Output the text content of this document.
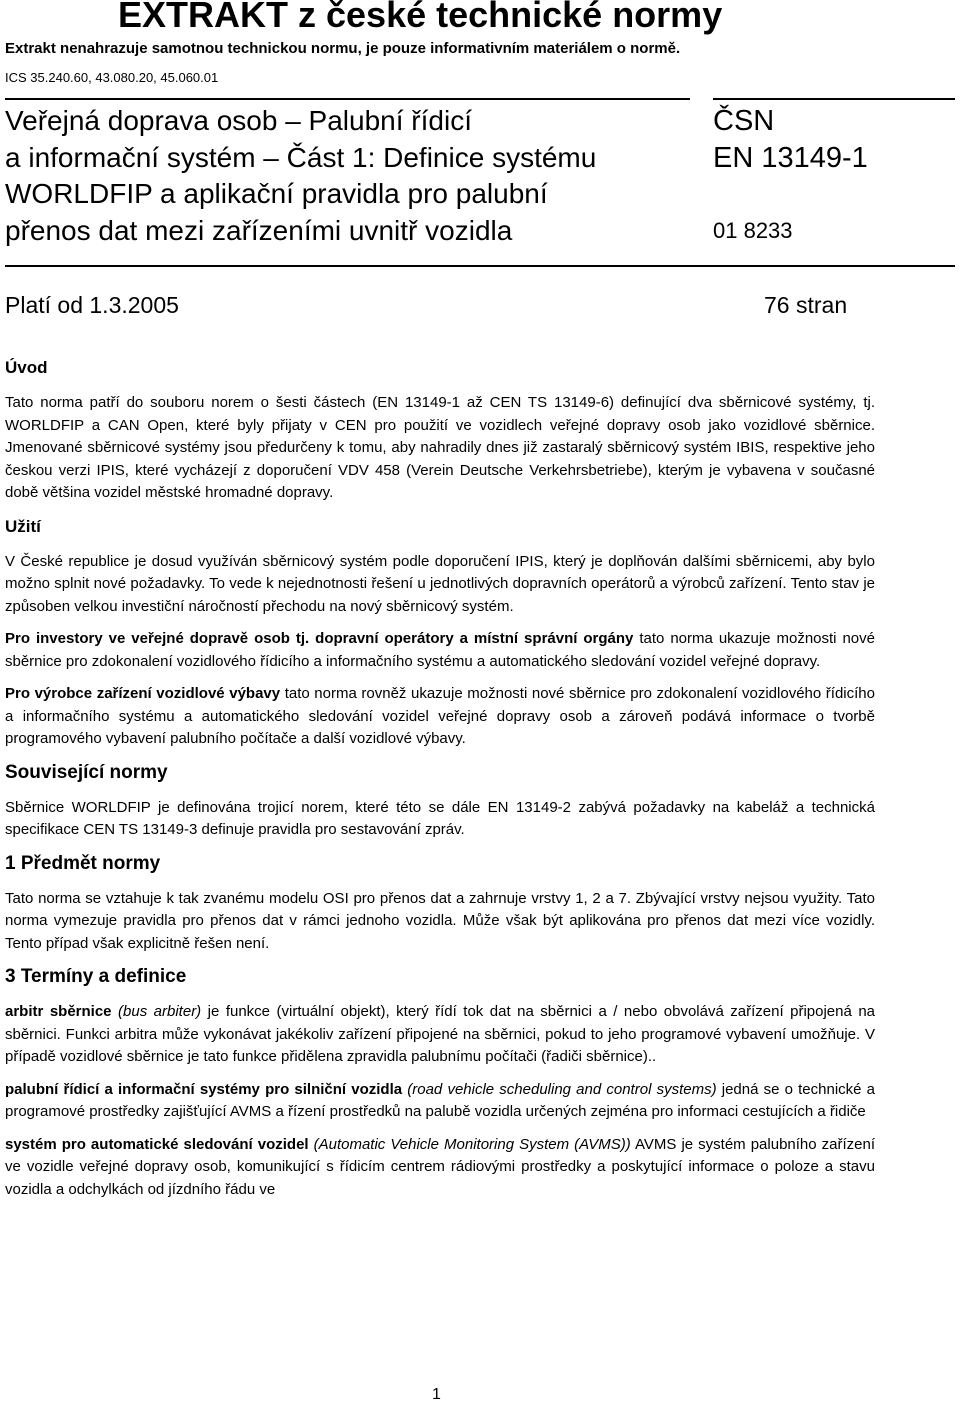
EXTRAKT z české technické normy
Extrakt nenahrazuje samotnou technickou normu, je pouze informativním materiálem o normě.
ICS 35.240.60, 43.080.20, 45.060.01
Veřejná doprava osob – Palubní řídicí
a informační systém – Část 1: Definice systému
WORLDFIP a aplikační pravidla pro palubní
přenos dat mezi zařízeními uvnitř vozidla
ČSN
EN 13149-1
01 8233
Platí od 1.3.2005	76 stran
Úvod

Tato norma patří do souboru norem o šesti částech (EN 13149-1 až CEN TS 13149-6) definující dva sběrnicové systémy, tj. WORLDFIP a CAN Open, které byly přijaty v CEN pro použití ve vozidlech veřejné dopravy osob jako vozidlové sběrnice. Jmenované sběrnicové systémy jsou předurčeny k tomu, aby nahradily dnes již zastaralý sběrnicový systém IBIS, respektive jeho českou verzi IPIS, které vycházejí z doporučení VDV 458 (Verein Deutsche Verkehrsbetriebe), kterým je vybavena v současné době většina vozidel městské hromadné dopravy.

Užití

V České republice je dosud využíván sběrnicový systém podle doporučení IPIS, který je doplňován dalšími sběrnicemi, aby bylo možno splnit nové požadavky. To vede k nejednotnosti řešení u jednotlivých dopravních operátorů a výrobců zařízení. Tento stav je způsoben velkou investiční náročností přechodu na nový sběrnicový systém.

Pro investory ve veřejné dopravě osob tj. dopravní operátory a místní správní orgány tato norma ukazuje možnosti nové sběrnice pro zdokonalení vozidlového řídicího a informačního systému a automatického sledování vozidel veřejné dopravy.

Pro výrobce zařízení vozidlové výbavy tato norma rovněž ukazuje možnosti nové sběrnice pro zdokonalení vozidlového řídicího a informačního systému a automatického sledování vozidel veřejné dopravy osob a zároveň podává informace o tvorbě programového vybavení palubního počítače a další vozidlové výbavy.

Související normy

Sběrnice WORLDFIP je definována trojicí norem, které této se dále EN 13149-2 zabývá požadavky na kabeláž a technická specifikace CEN TS 13149-3 definuje pravidla pro sestavování zpráv.

1 Předmět normy

Tato norma se vztahuje k tak zvanému modelu OSI pro přenos dat a zahrnuje vrstvy 1, 2 a 7. Zbývající vrstvy nejsou využity. Tato norma vymezuje pravidla pro přenos dat v rámci jednoho vozidla. Může však být aplikována pro přenos dat mezi více vozidly. Tento případ však explicitně řešen není.

3 Termíny a definice

arbitr sběrnice (bus arbiter) je funkce (virtuální objekt), který řídí tok dat na sběrnici a / nebo obvolává zařízení připojená na sběrnici. Funkci arbitra může vykonávat jakékoliv zařízení připojené na sběrnici, pokud to jeho programové vybavení umožňuje. V případě vozidlové sběrnice je tato funkce přidělena zpravidla palubnímu počítači (řadiči sběrnice)..

palubní řídicí a informační systémy pro silniční vozidla (road vehicle scheduling and control systems) jedná se o technické a programové prostředky zajišťující AVMS a řízení prostředků na palubě vozidla určených zejména pro informaci cestujících a řidiče

systém pro automatické sledování vozidel (Automatic Vehicle Monitoring System (AVMS)) AVMS je systém palubního zařízení ve vozidle veřejné dopravy osob, komunikující s řídicím centrem rádiovými prostředky a poskytující informace o poloze a stavu vozidla a odchylkách od jízdního řádu ve

1
